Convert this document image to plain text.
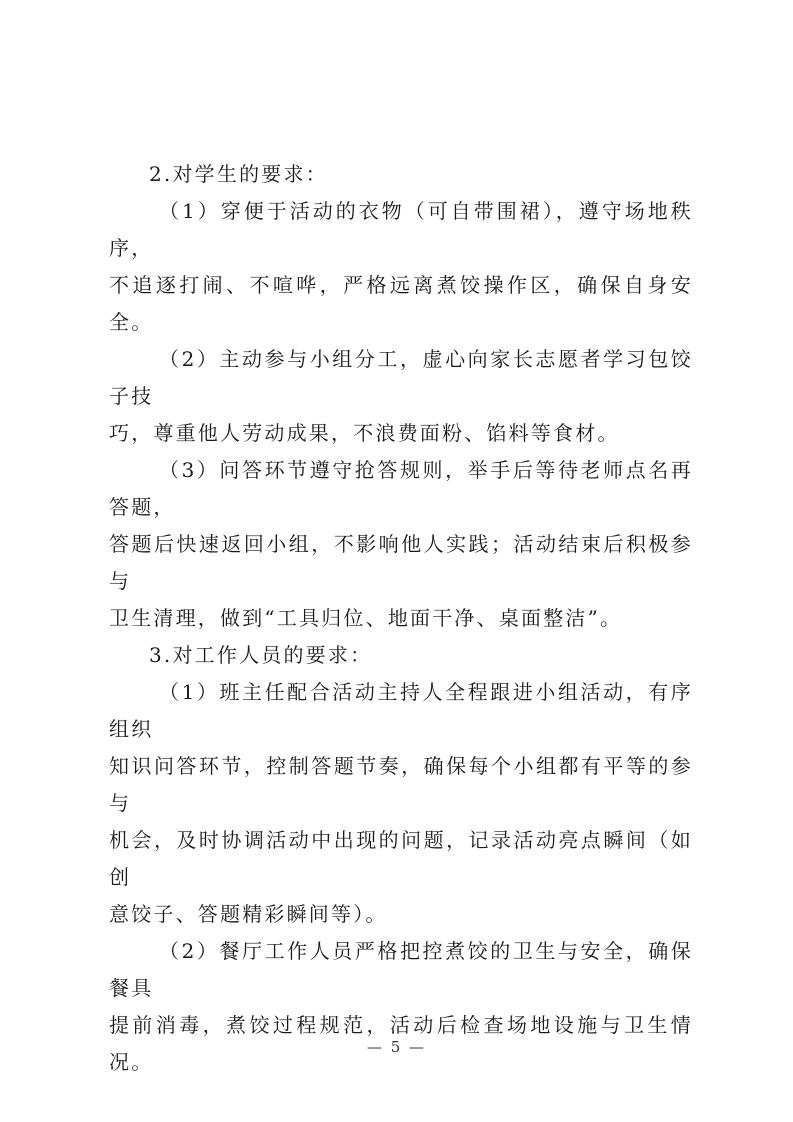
2.对学生的要求：

（1）穿便于活动的衣物（可自带围裙），遵守场地秩序，
不追逐打闹、不喧哗，严格远离煮饺操作区，确保自身安全。

（2）主动参与小组分工，虚心向家长志愿者学习包饺子技
巧，尊重他人劳动成果，不浪费面粉、馅料等食材。

（3）问答环节遵守抢答规则，举手后等待老师点名再答题，
答题后快速返回小组，不影响他人实践；活动结束后积极参与
卫生清理，做到“工具归位、地面干净、桌面整洁”。

3.对工作人员的要求：

（1）班主任配合活动主持人全程跟进小组活动，有序组织
知识问答环节，控制答题节奏，确保每个小组都有平等的参与
机会，及时协调活动中出现的问题，记录活动亮点瞬间（如创
意饺子、答题精彩瞬间等）。

（2）餐厅工作人员严格把控煮饺的卫生与安全，确保餐具
提前消毒，煮饺过程规范，活动后检查场地设施与卫生情况。

— 5 —
